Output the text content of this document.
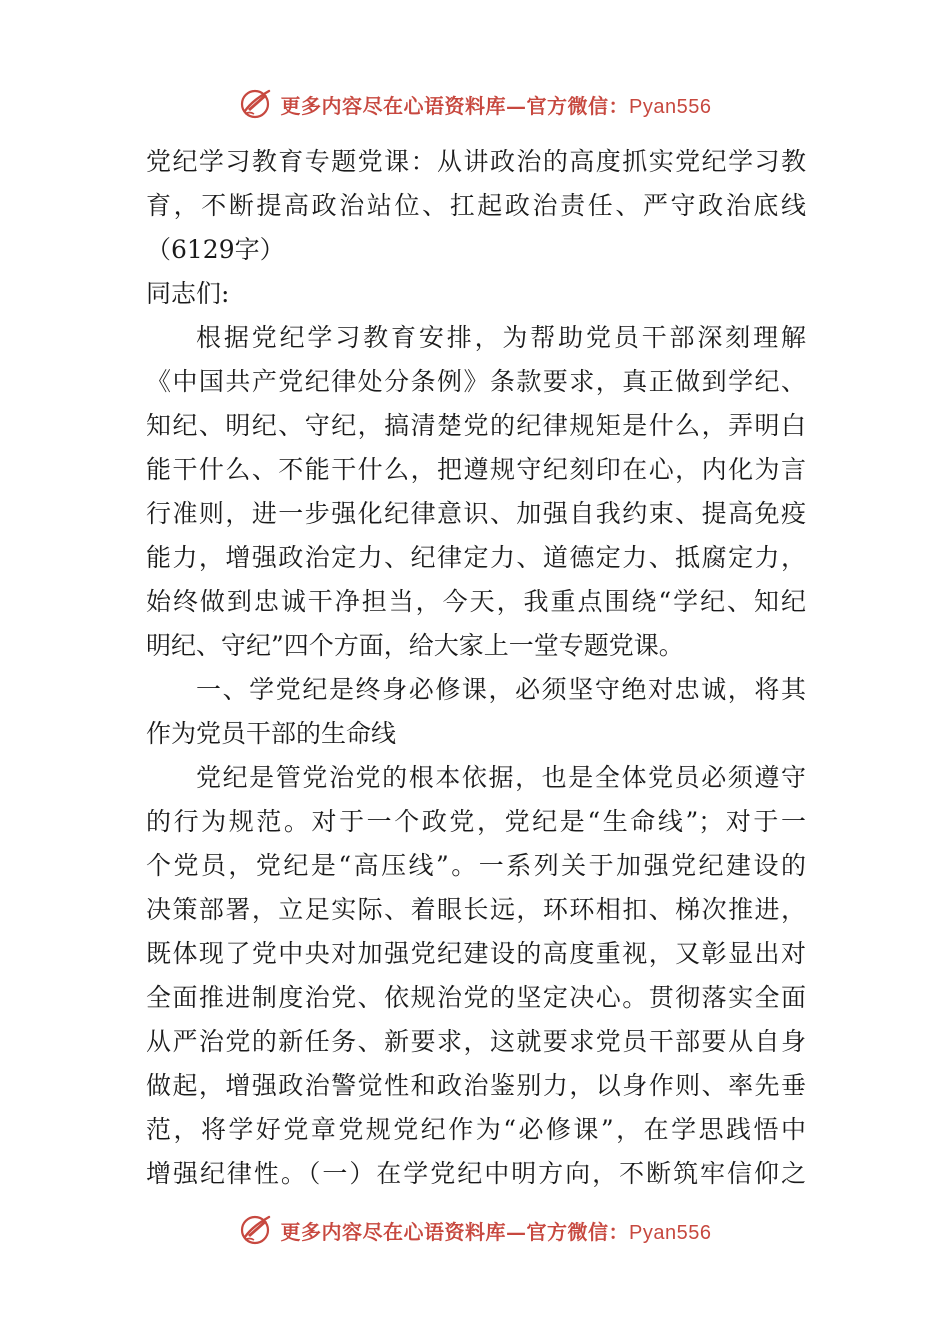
更多内容尽在心语资料库—官方微信：Pyan556
党纪学习教育专题党课：从讲政治的高度抓实党纪学习教
育，不断提高政治站位、扛起政治责任、严守政治底线
（6129字）
同志们:
根据党纪学习教育安排，为帮助党员干部深刻理解
《中国共产党纪律处分条例》条款要求，真正做到学纪、
知纪、明纪、守纪，搞清楚党的纪律规矩是什么，弄明白
能干什么、不能干什么，把遵规守纪刻印在心，内化为言
行准则，进一步强化纪律意识、加强自我约束、提高免疫
能力，增强政治定力、纪律定力、道德定力、抵腐定力，
始终做到忠诚干净担当，今天，我重点围绕“学纪、知纪
明纪、守纪”四个方面，给大家上一堂专题党课。
一、学党纪是终身必修课，必须坚守绝对忠诚，将其
作为党员干部的生命线
党纪是管党治党的根本依据，也是全体党员必须遵守
的行为规范。对于一个政党，党纪是“生命线”；对于一
个党员，党纪是“高压线”。一系列关于加强党纪建设的
决策部署，立足实际、着眼长远，环环相扣、梯次推进，
既体现了党中央对加强党纪建设的高度重视，又彰显出对
全面推进制度治党、依规治党的坚定决心。贯彻落实全面
从严治党的新任务、新要求，这就要求党员干部要从自身
做起，增强政治警觉性和政治鉴别力，以身作则、率先垂
范，将学好党章党规党纪作为“必修课”，在学思践悟中
增强纪律性。（一）在学党纪中明方向，不断筑牢信仰之
更多内容尽在心语资料库—官方微信：Pyan556
